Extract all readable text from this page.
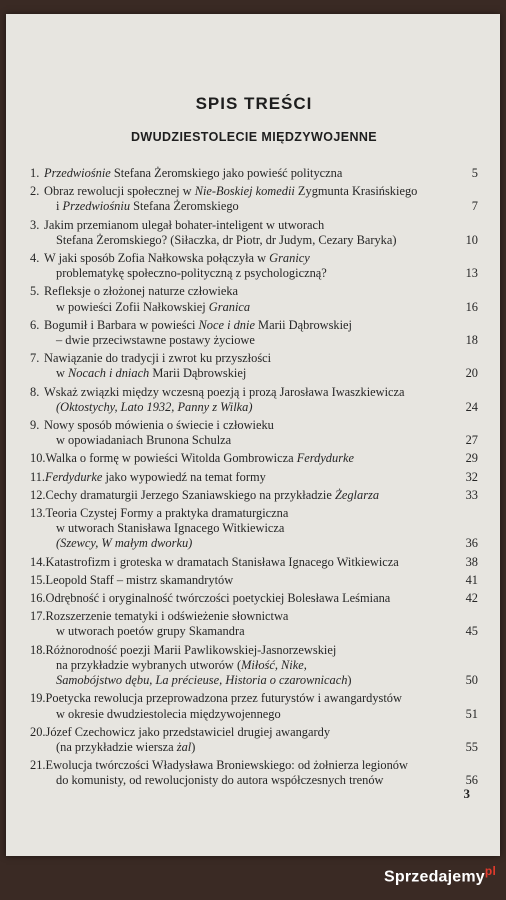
SPIS TREŚCI
DWUDZIESTOLECIE MIĘDZYWOJENNE
1.Przedwiośnie Stefana Żeromskiego jako powieść polityczna	5
2.Obraz rewolucji społecznej w Nie-Boskiej komedii Zygmunta Krasińskiego
i Przedwiośniu Stefana Żeromskiego	7
3.Jakim przemianom ulegał bohater-inteligent w utworach
Stefana Żeromskiego? (Siłaczka, dr Piotr, dr Judym, Cezary Baryka)	10
4.W jaki sposób Zofia Nałkowska połączyła w Granicy
problematykę społeczno-polityczną z psychologiczną?	13
5.Refleksje o złożonej naturze człowieka
w powieści Zofii Nałkowskiej Granica	16
6.Bogumił i Barbara w powieści Noce i dnie Marii Dąbrowskiej
– dwie przeciwstawne postawy życiowe	18
7.Nawiązanie do tradycji i zwrot ku przyszłości
w Nocach i dniach Marii Dąbrowskiej	20
8.Wskaż związki między wczesną poezją i prozą Jarosława Iwaszkiewicza
(Oktostychy, Lato 1932, Panny z Wilka)	24
9.Nowy sposób mówienia o świecie i człowieku
w opowiadaniach Brunona Schulza	27
10.Walka o formę w powieści Witolda Gombrowicza Ferdydurke	29
11.Ferdydurke jako wypowiedź na temat formy	32
12.Cechy dramaturgii Jerzego Szaniawskiego na przykładzie Żeglarza	33
13.Teoria Czystej Formy a praktyka dramaturgiczna
w utworach Stanisława Ignacego Witkiewicza
(Szewcy, W małym dworku)	36
14.Katastrofizm i groteska w dramatach Stanisława Ignacego Witkiewicza	38
15.Leopold Staff – mistrz skamandrytów	41
16.Odrębność i oryginalność twórczości poetyckiej Bolesława Leśmiana	42
17.Rozszerzenie tematyki i odświeżenie słownictwa
w utworach poetów grupy Skamandra	45
18.Różnorodność poezji Marii Pawlikowskiej-Jasnorzewskiej
na przykładzie wybranych utworów (Miłość, Nike,
Samobójstwo dębu, La précieuse, Historia o czarownicach)	50
19.Poetycka rewolucja przeprowadzona przez futurystów i awangardystów
w okresie dwudziestolecia międzywojennego	51
20.Józef Czechowicz jako przedstawiciel drugiej awangardy
(na przykładzie wiersza żal)	55
21.Ewolucja twórczości Władysława Broniewskiego: od żołnierza legionów
do komunisty, od rewolucjonisty do autora współczesnych trenów	56
3
Sprzedajemy$^{pl}$
